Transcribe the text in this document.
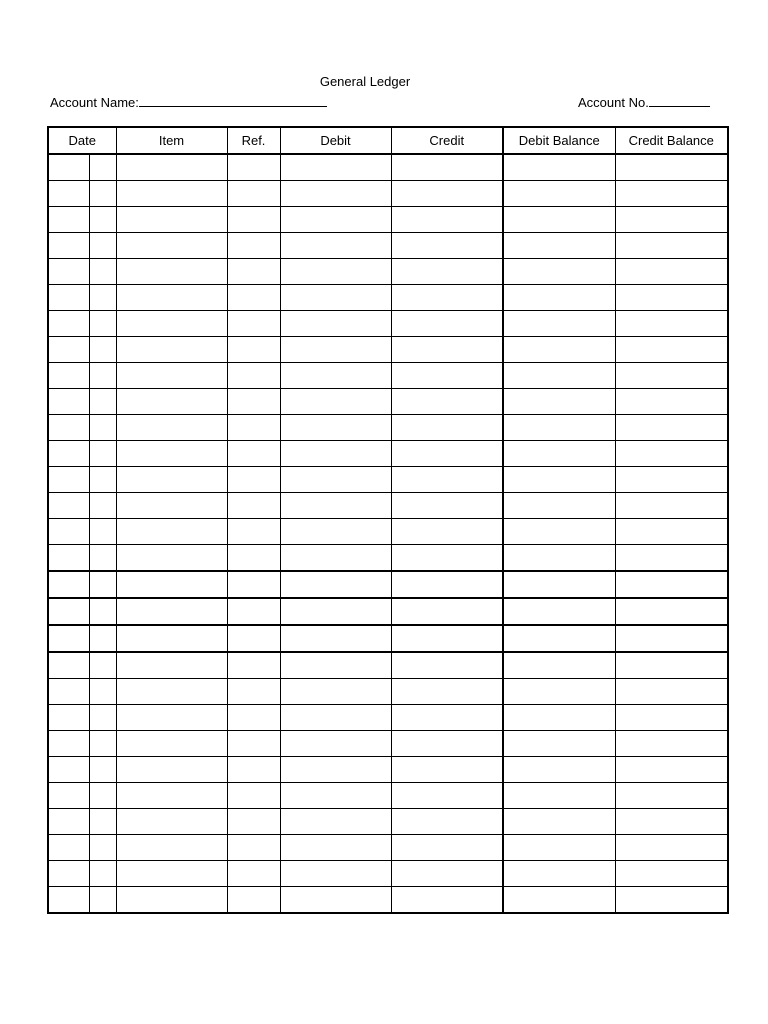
General Ledger
Account Name:	Account No.
Date		Item	Ref.	Debit	Credit	Debit Balance	Credit Balance
